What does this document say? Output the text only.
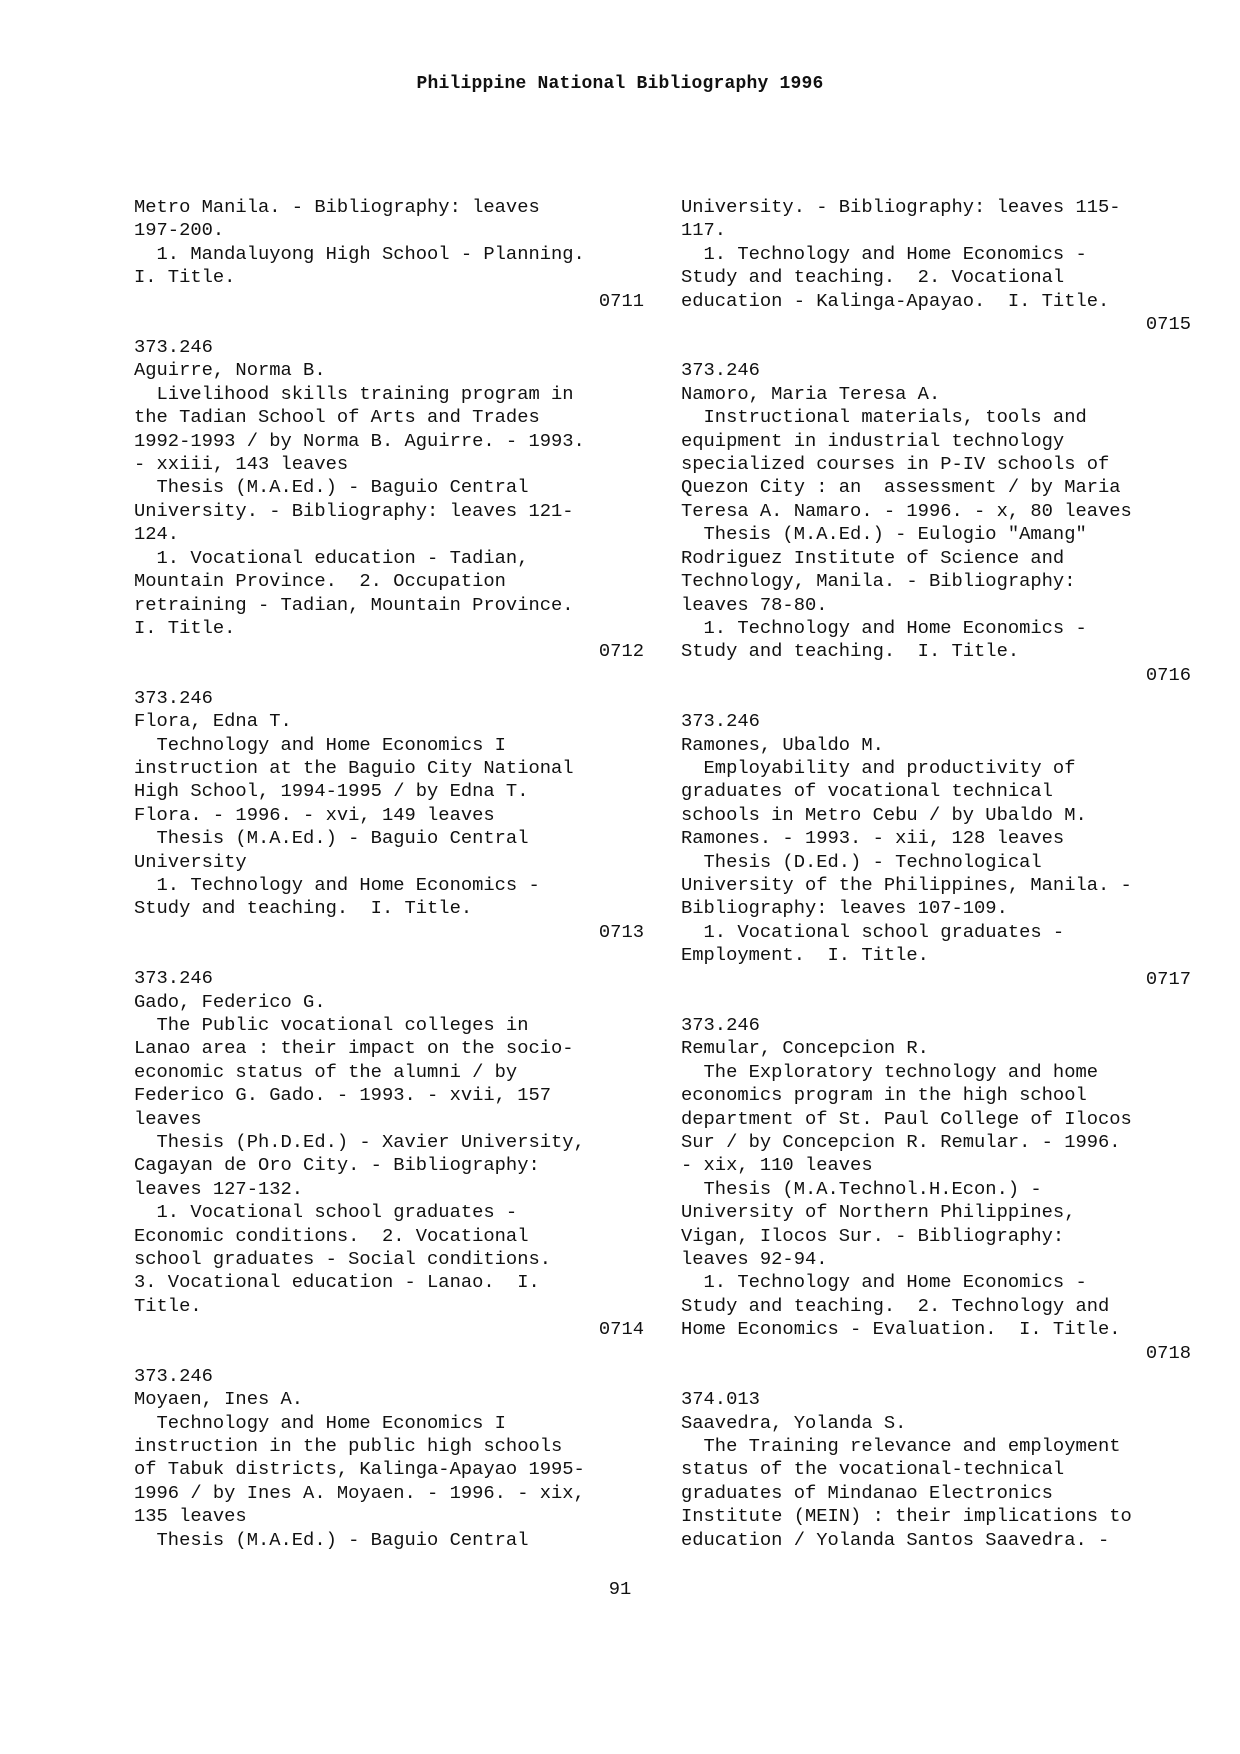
Philippine National Bibliography 1996
Metro Manila. - Bibliography: leaves
197-200.
1. Mandaluyong High School - Planning.
I. Title.
0711
373.246
Aguirre, Norma B.
Livelihood skills training program in
the Tadian School of Arts and Trades
1992-1993 / by Norma B. Aguirre. - 1993.
- xxiii, 143 leaves
Thesis (M.A.Ed.) - Baguio Central
University. - Bibliography: leaves 121-
124.
1. Vocational education - Tadian,
Mountain Province.  2. Occupation
retraining - Tadian, Mountain Province.
I. Title.
0712
373.246
Flora, Edna T.
Technology and Home Economics I
instruction at the Baguio City National
High School, 1994-1995 / by Edna T.
Flora. - 1996. - xvi, 149 leaves
Thesis (M.A.Ed.) - Baguio Central
University
1. Technology and Home Economics -
Study and teaching.  I. Title.
0713
373.246
Gado, Federico G.
The Public vocational colleges in
Lanao area : their impact on the socio-
economic status of the alumni / by
Federico G. Gado. - 1993. - xvii, 157
leaves
Thesis (Ph.D.Ed.) - Xavier University,
Cagayan de Oro City. - Bibliography:
leaves 127-132.
1. Vocational school graduates -
Economic conditions.  2. Vocational
school graduates - Social conditions.
3. Vocational education - Lanao.  I.
Title.
0714
373.246
Moyaen, Ines A.
Technology and Home Economics I
instruction in the public high schools
of Tabuk districts, Kalinga-Apayao 1995-
1996 / by Ines A. Moyaen. - 1996. - xix,
135 leaves
Thesis (M.A.Ed.) - Baguio Central
University. - Bibliography: leaves 115-
117.
1. Technology and Home Economics -
Study and teaching.  2. Vocational
education - Kalinga-Apayao.  I. Title.
0715
373.246
Namoro, Maria Teresa A.
Instructional materials, tools and
equipment in industrial technology
specialized courses in P-IV schools of
Quezon City : an  assessment / by Maria
Teresa A. Namaro. - 1996. - x, 80 leaves
Thesis (M.A.Ed.) - Eulogio "Amang"
Rodriguez Institute of Science and
Technology, Manila. - Bibliography:
leaves 78-80.
1. Technology and Home Economics -
Study and teaching.  I. Title.
0716
373.246
Ramones, Ubaldo M.
Employability and productivity of
graduates of vocational technical
schools in Metro Cebu / by Ubaldo M.
Ramones. - 1993. - xii, 128 leaves
Thesis (D.Ed.) - Technological
University of the Philippines, Manila. -
Bibliography: leaves 107-109.
1. Vocational school graduates -
Employment.  I. Title.
0717
373.246
Remular, Concepcion R.
The Exploratory technology and home
economics program in the high school
department of St. Paul College of Ilocos
Sur / by Concepcion R. Remular. - 1996.
- xix, 110 leaves
Thesis (M.A.Technol.H.Econ.) -
University of Northern Philippines,
Vigan, Ilocos Sur. - Bibliography:
leaves 92-94.
1. Technology and Home Economics -
Study and teaching.  2. Technology and
Home Economics - Evaluation.  I. Title.
0718
374.013
Saavedra, Yolanda S.
The Training relevance and employment
status of the vocational-technical
graduates of Mindanao Electronics
Institute (MEIN) : their implications to
education / Yolanda Santos Saavedra. -
91
